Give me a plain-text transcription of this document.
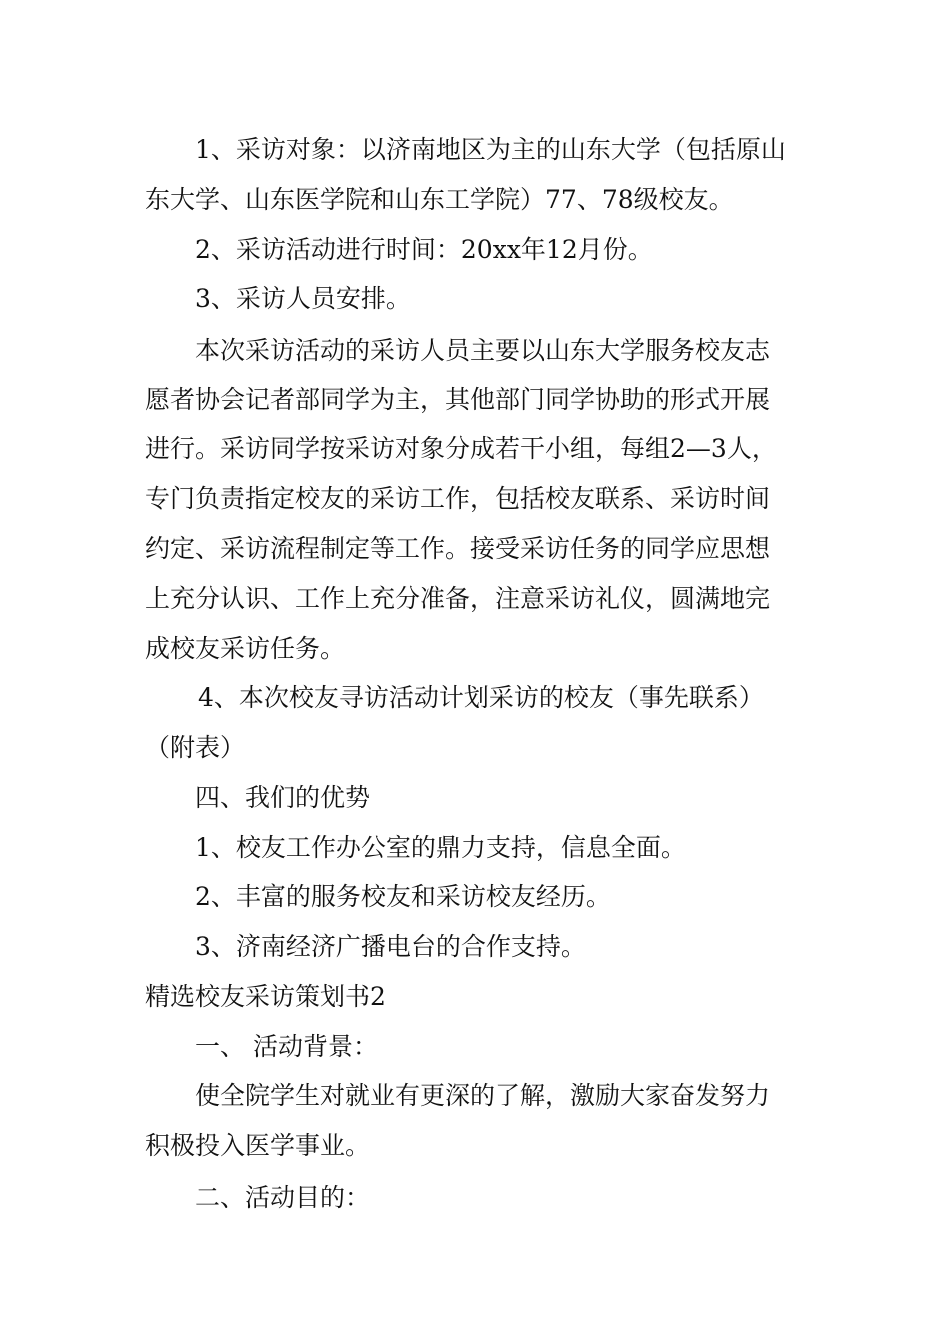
1、采访对象：以济南地区为主的山东大学（包括原山
东大学、山东医学院和山东工学院）77、78级校友。
2、采访活动进行时间：20xx年12月份。
3、采访人员安排。
本次采访活动的采访人员主要以山东大学服务校友志
愿者协会记者部同学为主，其他部门同学协助的形式开展
进行。采访同学按采访对象分成若干小组，每组2—3人，
专门负责指定校友的采访工作，包括校友联系、采访时间
约定、采访流程制定等工作。接受采访任务的同学应思想
上充分认识、工作上充分准备，注意采访礼仪，圆满地完
成校友采访任务。
4、本次校友寻访活动计划采访的校友（事先联系）
（附表）
四、我们的优势
1、校友工作办公室的鼎力支持，信息全面。
2、丰富的服务校友和采访校友经历。
3、济南经济广播电台的合作支持。
精选校友采访策划书2
一、 活动背景：
使全院学生对就业有更深的了解，激励大家奋发努力
积极投入医学事业。
二、活动目的：
